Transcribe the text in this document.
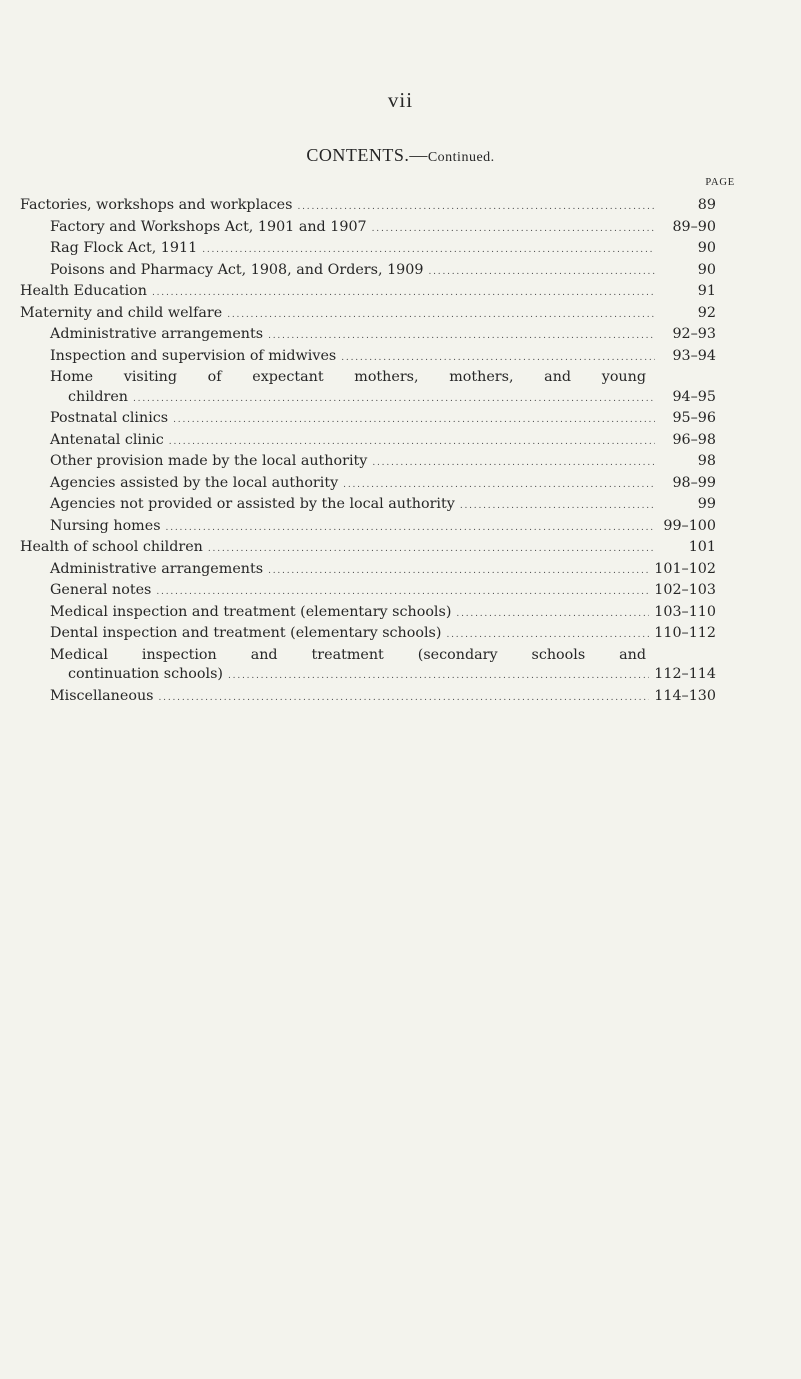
vii
CONTENTS.—Continued.
PAGE
Factories, workshops and workplaces .....	89
Factory and Workshops Act, 1901 and 1907 .....	89–90
Rag Flock Act, 1911 .....	90
Poisons and Pharmacy Act, 1908, and Orders, 1909 .....	90
Health Education .....	91
Maternity and child welfare .....	92
Administrative arrangements .....	92–93
Inspection and supervision of midwives .....	93–94
Home visiting of expectant mothers, mothers, and young
children .....	94–95
Postnatal clinics .....	95–96
Antenatal clinic .....	96–98
Other provision made by the local authority .....	98
Agencies assisted by the local authority .....	98–99
Agencies not provided or assisted by the local authority .....	99
Nursing homes .....	99–100
Health of school children .....	101
Administrative arrangements .....	101–102
General notes .....	102–103
Medical inspection and treatment (elementary schools) .....	103–110
Dental inspection and treatment (elementary schools) .....	110–112
Medical inspection and treatment (secondary schools and
continuation schools) .....	112–114
Miscellaneous .....	114–130
